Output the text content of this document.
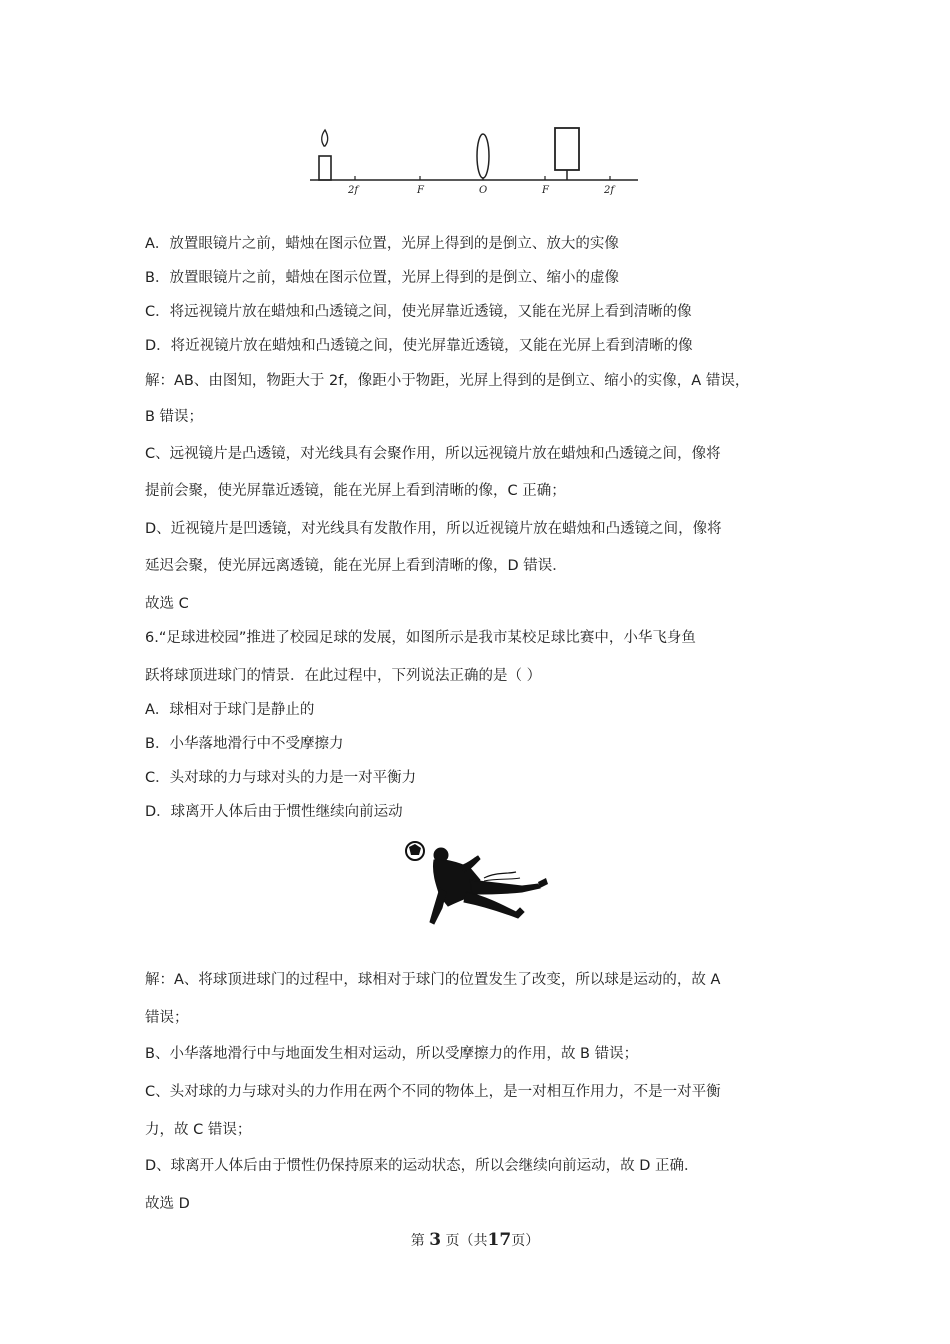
2f	F	O	F	2f
A．放置眼镜片之前，蜡烛在图示位置，光屏上得到的是倒立、放大的实像
B．放置眼镜片之前，蜡烛在图示位置，光屏上得到的是倒立、缩小的虚像
C．将远视镜片放在蜡烛和凸透镜之间，使光屏靠近透镜，又能在光屏上看到清晰的像
D．将近视镜片放在蜡烛和凸透镜之间，使光屏靠近透镜，又能在光屏上看到清晰的像
解：AB、由图知，物距大于 2f，像距小于物距，光屏上得到的是倒立、缩小的实像，A 错误，
B 错误；
C、远视镜片是凸透镜，对光线具有会聚作用，所以远视镜片放在蜡烛和凸透镜之间，像将
提前会聚，使光屏靠近透镜，能在光屏上看到清晰的像，C 正确；
D、近视镜片是凹透镜，对光线具有发散作用，所以近视镜片放在蜡烛和凸透镜之间，像将
延迟会聚，使光屏远离透镜，能在光屏上看到清晰的像，D 错误．
故选 C
6.“足球进校园”推进了校园足球的发展，如图所示是我市某校足球比赛中，小华飞身鱼
跃将球顶进球门的情景．在此过程中，下列说法正确的是（ ）
A．球相对于球门是静止的
B．小华落地滑行中不受摩擦力
C．头对球的力与球对头的力是一对平衡力
D．球离开人体后由于惯性继续向前运动
解：A、将球顶进球门的过程中，球相对于球门的位置发生了改变，所以球是运动的，故 A
错误；
B、小华落地滑行中与地面发生相对运动，所以受摩擦力的作用，故 B 错误；
C、头对球的力与球对头的力作用在两个不同的物体上，是一对相互作用力，不是一对平衡
力，故 C 错误；
D、球离开人体后由于惯性仍保持原来的运动状态，所以会继续向前运动，故 D 正确．
故选 D
第 3 页（共17页）
